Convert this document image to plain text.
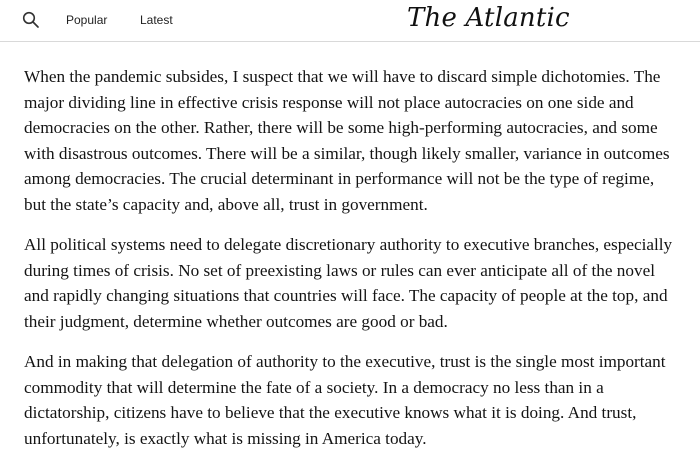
Popular	Latest	The Atlantic

When the pandemic subsides, I suspect that we will have to discard simple dichotomies. The major dividing line in effective crisis response will not place autocracies on one side and democracies on the other. Rather, there will be some high-performing autocracies, and some with disastrous outcomes. There will be a similar, though likely smaller, variance in outcomes among democracies. The crucial determinant in performance will not be the type of regime, but the state’s capacity and, above all, trust in government.

All political systems need to delegate discretionary authority to executive branches, especially during times of crisis. No set of preexisting laws or rules can ever anticipate all of the novel and rapidly changing situations that countries will face. The capacity of people at the top, and their judgment, determine whether outcomes are good or bad.

And in making that delegation of authority to the executive, trust is the single most important commodity that will determine the fate of a society. In a democracy no less than in a dictatorship, citizens have to believe that the executive knows what it is doing. And trust, unfortunately, is exactly what is missing in America today.
